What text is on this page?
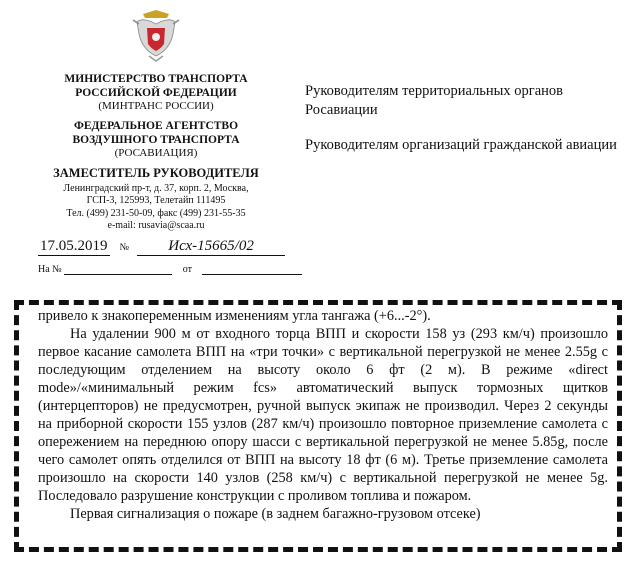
МИНИСТЕРСТВО ТРАНСПОРТА
РОССИЙСКОЙ ФЕДЕРАЦИИ
(МИНТРАНС РОССИИ)
ФЕДЕРАЛЬНОЕ АГЕНТСТВО
ВОЗДУШНОГО ТРАНСПОРТА
(РОСАВИАЦИЯ)
ЗАМЕСТИТЕЛЬ РУКОВОДИТЕЛЯ
Ленинградский пр-т, д. 37, корп. 2, Москва,
ГСП-3, 125993, Телетайп 111495
Тел. (499) 231-50-09, факс (499) 231-55-35
e-mail: rusavia@scaa.ru
Руководителям территориальных органов Росавиации
Руководителям организаций гражданской авиации
17.05.2019 №	Исх-15665/02
На №	от

привело к знакопеременным изменениям угла тангажа (+6...-2°).

На удалении 900 м от входного торца ВПП и скорости 158 уз (293 км/ч) произошло первое касание самолета ВПП на «три точки» с вертикальной перегрузкой не менее 2.55g с последующим отделением на высоту около 6 фт (2 м). В режиме «direct mode»/«минимальный режим fcs» автоматический выпуск тормозных щитков (интерцепторов) не предусмотрен, ручной выпуск экипаж не производил. Через 2 секунды на приборной скорости 155 узлов (287 км/ч) произошло повторное приземление самолета с опережением на переднюю опору шасси с вертикальной перегрузкой не менее 5.85g, после чего самолет опять отделился от ВПП на высоту 18 фт (6 м). Третье приземление самолета произошло на скорости 140 узлов (258 км/ч) с вертикальной перегрузкой не менее 5g. Последовало разрушение конструкции с проливом топлива и пожаром.

Первая сигнализация о пожаре (в заднем багажно-грузовом отсеке)
